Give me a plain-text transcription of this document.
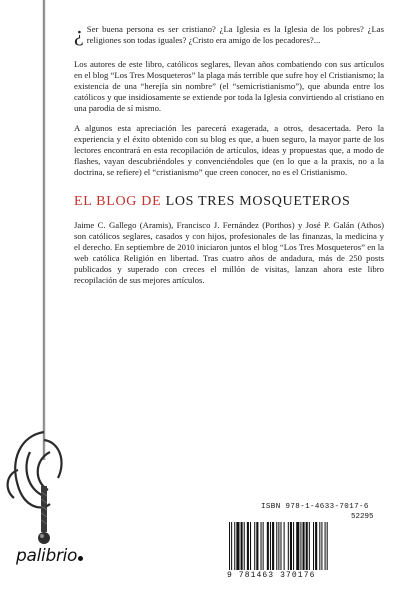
¿ Ser buena persona es ser cristiano? ¿La Iglesia es la Iglesia de los pobres? ¿Las religiones son todas iguales? ¿Cristo era amigo de los pecadores?...

Los autores de este libro, católicos seglares, llevan años combatiendo con sus artículos en el blog “Los Tres Mosqueteros” la plaga más terrible que sufre hoy el Cristianismo; la existencia de una “herejía sin nombre” (el “semicristianismo”), que abunda entre los católicos y que insidiosamente se extiende por toda la Iglesia convirtiendo al cristiano en una parodia de sí mismo.

A algunos esta apreciación les parecerá exagerada, a otros, desacertada. Pero la experiencia y el éxito obtenido con su blog es que, a buen seguro, la mayor parte de los lectores encontrará en esta recopilación de artículos, ideas y propuestas que, a modo de flashes, vayan descubriéndoles y convenciéndoles que (en lo que a la praxis, no a la doctrina, se refiere) el “cristianismo” que creen conocer, no es el Cristianismo.

EL BLOG DE LOS TRES MOSQUETEROS

Jaime C. Gallego (Aramis), Francisco J. Fernández (Porthos) y José P. Galán (Athos) son católicos seglares, casados y con hijos, profesionales de las finanzas, la medicina y el derecho. En septiembre de 2010 iniciaron juntos el blog “Los Tres Mosqueteros” en la web católica Religión en libertad. Tras cuatro años de andadura, más de 250 posts publicados y superado con creces el millón de visitas, lanzan ahora este libro recopilación de sus mejores artículos.

ISBN 978-1-4633-7017-6
52295
9 781463 370176
palibrio
